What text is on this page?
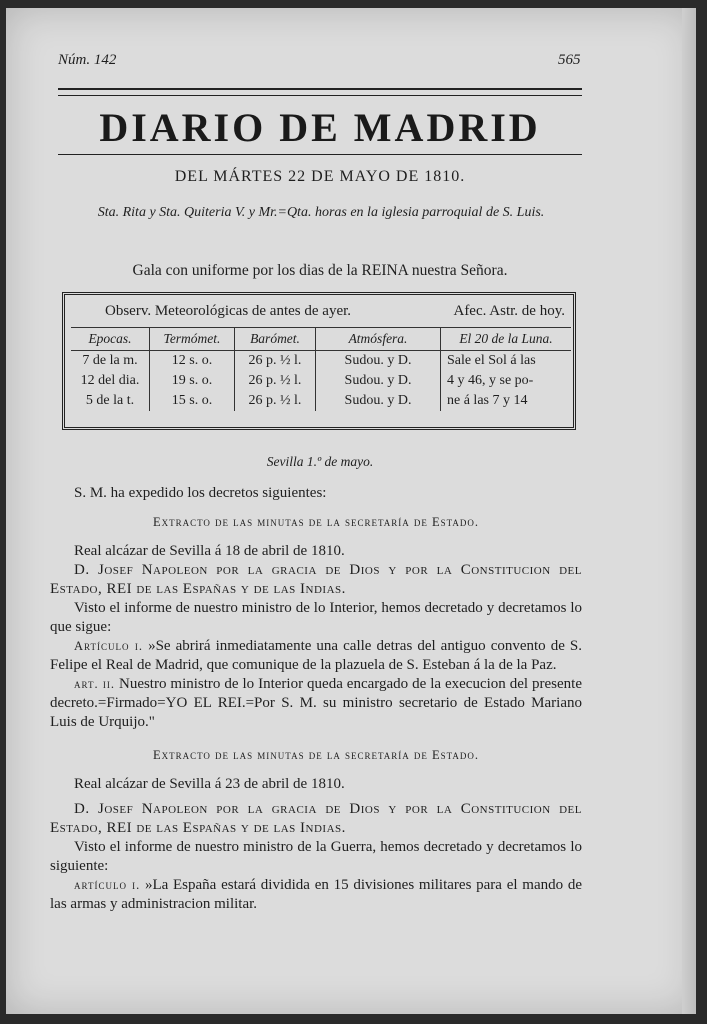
Núm. 142	565
DIARIO DE MADRID
DEL MÁRTES 22 DE MAYO DE 1810.
Sta. Rita y Sta. Quiteria V. y Mr.=Qta. horas en la iglesia parroquial de S. Luis.
Gala con uniforme por los dias de la REINA nuestra Señora.
Observ. Meteorológicas de antes de ayer.	Afec. Astr. de hoy.
Epocas.	Termómet.	Barómet.	Atmósfera.	El 20 de la Luna.
7 de la m.	12 s. o.	26 p. ½ l.	Sudou. y D.	Sale el Sol á las
12 del dia.	19 s. o.	26 p. ½ l.	Sudou. y D.	4 y 46, y se po-
5 de la t.	15 s. o.	26 p. ½ l.	Sudou. y D.	ne á las 7 y 14
Sevilla 1.º de mayo.

S. M. ha expedido los decretos siguientes:

Extracto de las minutas de la secretaría de Estado.

Real alcázar de Sevilla á 18 de abril de 1810.

D. Josef Napoleon por la gracia de Dios y por la Constitucion del Estado, REI de las Españas y de las Indias.

Visto el informe de nuestro ministro de lo Interior, hemos decretado y decretamos lo que sigue:

Artículo i. »Se abrirá inmediatamente una calle detras del antiguo convento de S. Felipe el Real de Madrid, que comunique de la plazuela de S. Esteban á la de la Paz.

art. ii. Nuestro ministro de lo Interior queda encargado de la execucion del presente decreto.=Firmado=YO EL REI.=Por S. M. su ministro secretario de Estado Mariano Luis de Urquijo."

Extracto de las minutas de la secretaría de Estado.

Real alcázar de Sevilla á 23 de abril de 1810.

D. Josef Napoleon por la gracia de Dios y por la Constitucion del Estado, REI de las Españas y de las Indias.

Visto el informe de nuestro ministro de la Guerra, hemos decretado y decretamos lo siguiente:

artículo i. »La España estará dividida en 15 divisiones militares para el mando de las armas y administracion militar.
